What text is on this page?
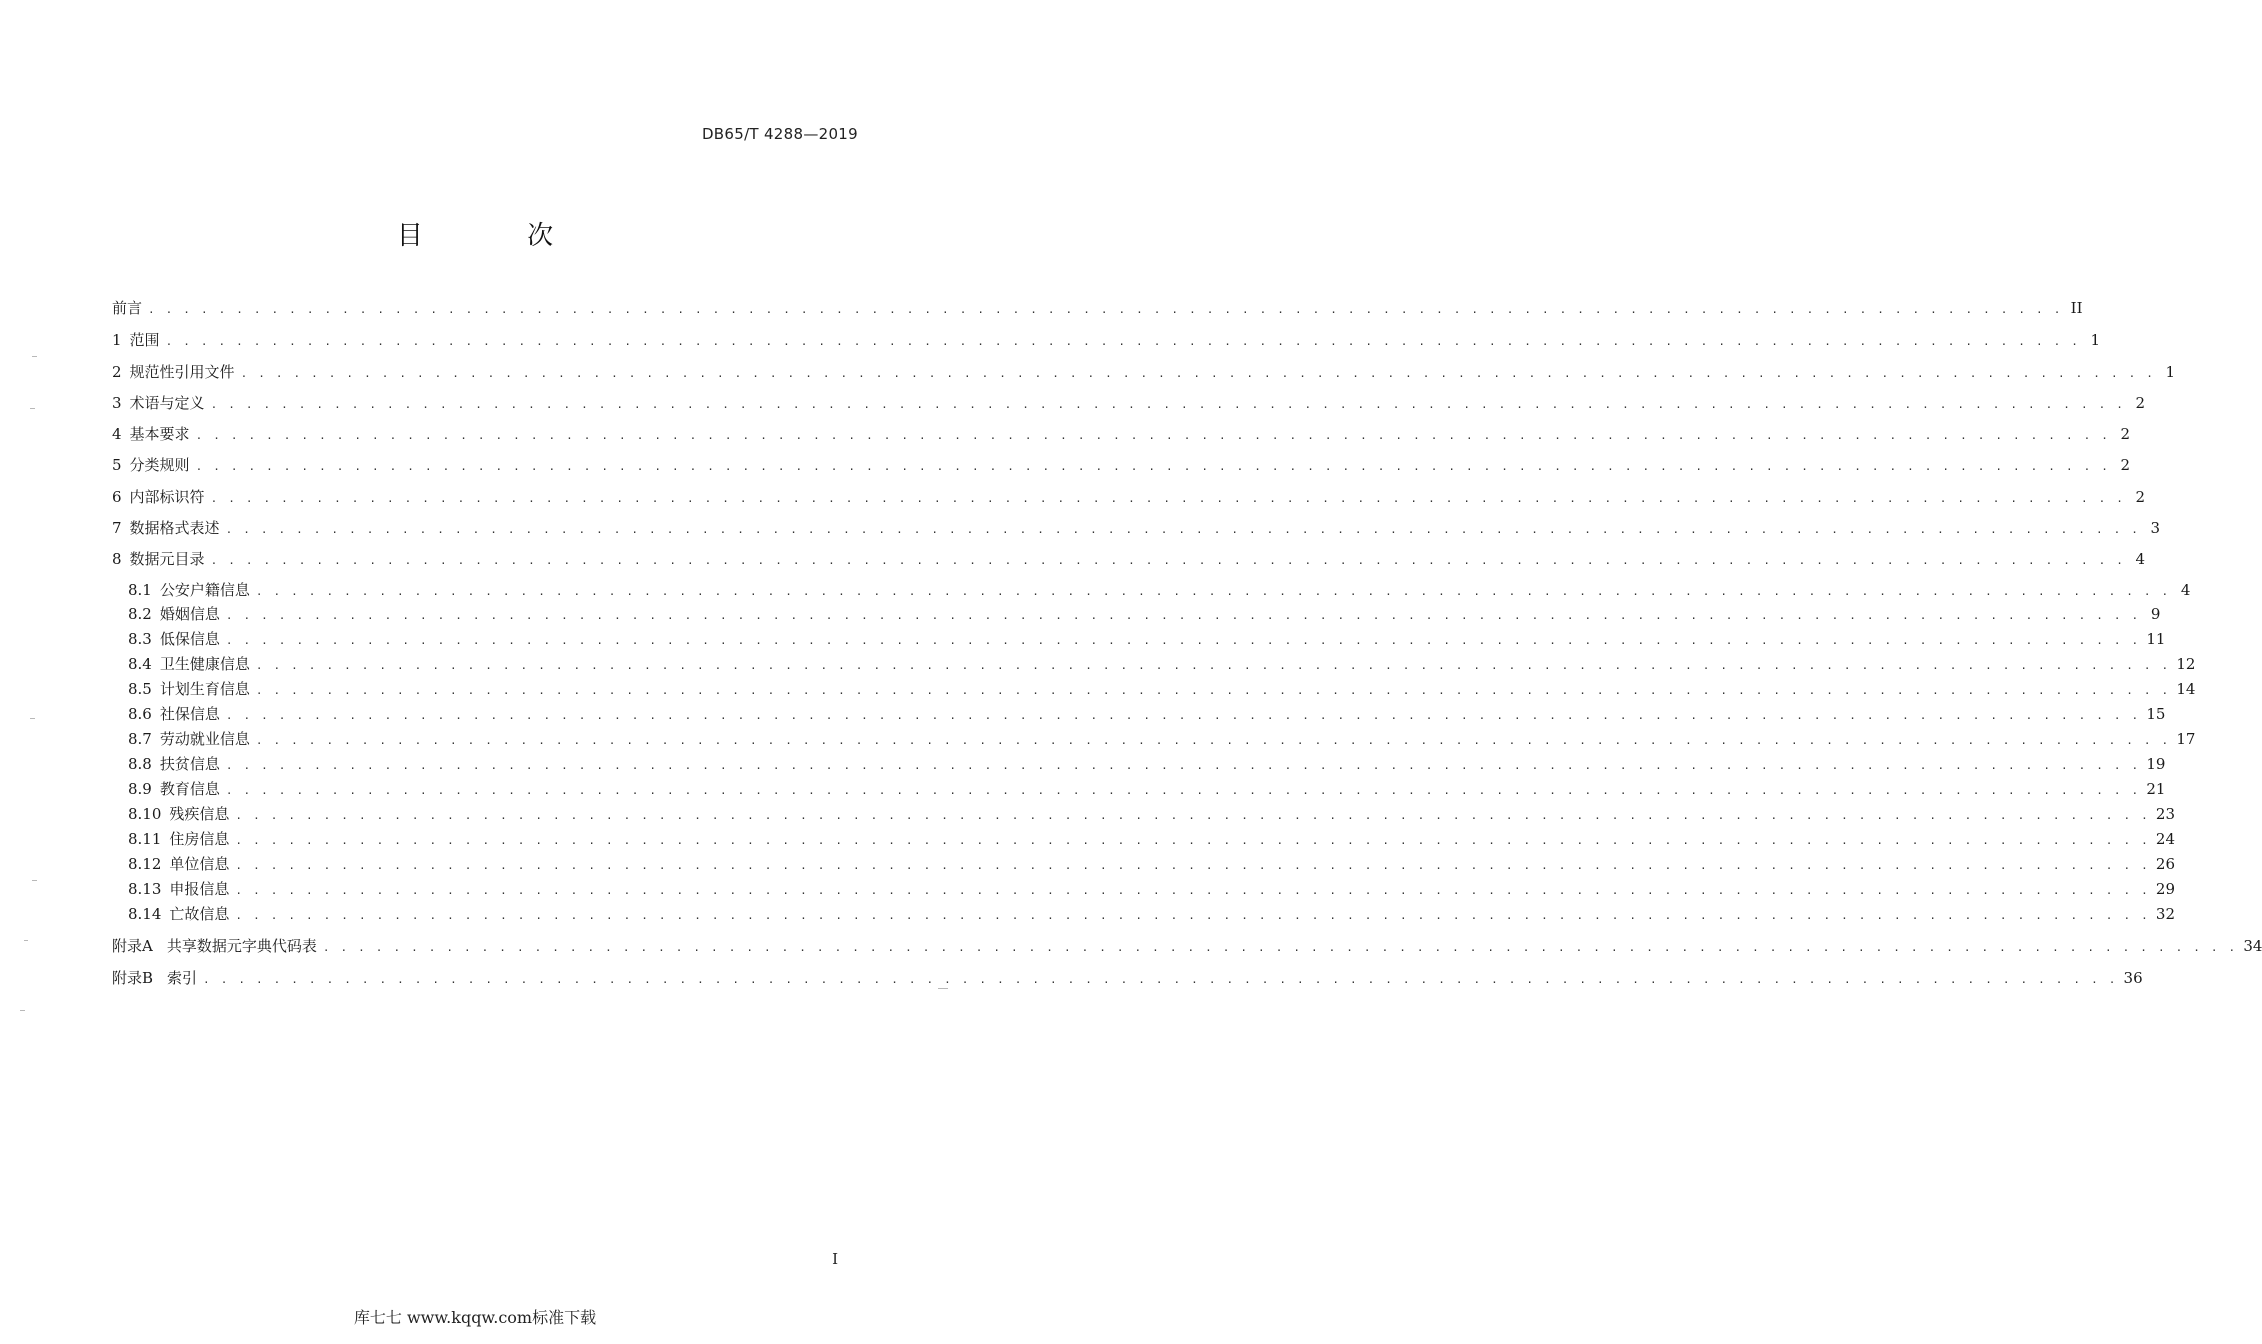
DB65/T 4288—2019
目 次
前言 . . . . . . . . . . . . . . . . . . . . . . . . . . . . . . . . . . . . . . . . . . . . . . . . . . . . . . . . . . . . . . . . . . . . . . . . . . . . . . . . . . . . . . . . . . . . . . . . . . . . . . . . . . . . . II
1 范围 . . . . . . . . . . . . . . . . . . . . . . . . . . . . . . . . . . . . . . . . . . . . . . . . . . . . . . . . . . . . . . . . . . . . . . . . . . . . . . . . . . . . . . . . . . . . . . . . . . . . . . . . . . . . . 1
2 规范性引用文件 . . . . . . . . . . . . . . . . . . . . . . . . . . . . . . . . . . . . . . . . . . . . . . . . . . . . . . . . . . . . . . . . . . . . . . . . . . . . . . . . . . . . . . . . . . . . . . . . . . . . . . . . . . . . . 1
3 术语与定义 . . . . . . . . . . . . . . . . . . . . . . . . . . . . . . . . . . . . . . . . . . . . . . . . . . . . . . . . . . . . . . . . . . . . . . . . . . . . . . . . . . . . . . . . . . . . . . . . . . . . . . . . . . . . . 2
4 基本要求 . . . . . . . . . . . . . . . . . . . . . . . . . . . . . . . . . . . . . . . . . . . . . . . . . . . . . . . . . . . . . . . . . . . . . . . . . . . . . . . . . . . . . . . . . . . . . . . . . . . . . . . . . . . . . 2
5 分类规则 . . . . . . . . . . . . . . . . . . . . . . . . . . . . . . . . . . . . . . . . . . . . . . . . . . . . . . . . . . . . . . . . . . . . . . . . . . . . . . . . . . . . . . . . . . . . . . . . . . . . . . . . . . . . . 2
6 内部标识符 . . . . . . . . . . . . . . . . . . . . . . . . . . . . . . . . . . . . . . . . . . . . . . . . . . . . . . . . . . . . . . . . . . . . . . . . . . . . . . . . . . . . . . . . . . . . . . . . . . . . . . . . . . . . . 2
7 数据格式表述 . . . . . . . . . . . . . . . . . . . . . . . . . . . . . . . . . . . . . . . . . . . . . . . . . . . . . . . . . . . . . . . . . . . . . . . . . . . . . . . . . . . . . . . . . . . . . . . . . . . . . . . . . . . . . 3
8 数据元目录 . . . . . . . . . . . . . . . . . . . . . . . . . . . . . . . . . . . . . . . . . . . . . . . . . . . . . . . . . . . . . . . . . . . . . . . . . . . . . . . . . . . . . . . . . . . . . . . . . . . . . . . . . . . . . 4
8.1 公安户籍信息 . . . . . . . . . . . . . . . . . . . . . . . . . . . . . . . . . . . . . . . . . . . . . . . . . . . . . . . . . . . . . . . . . . . . . . . . . . . . . . . . . . . . . . . . . . . . . . . . . . . . . . . . . . . . . 4
8.2 婚姻信息 . . . . . . . . . . . . . . . . . . . . . . . . . . . . . . . . . . . . . . . . . . . . . . . . . . . . . . . . . . . . . . . . . . . . . . . . . . . . . . . . . . . . . . . . . . . . . . . . . . . . . . . . . . . . . 9
8.3 低保信息 . . . . . . . . . . . . . . . . . . . . . . . . . . . . . . . . . . . . . . . . . . . . . . . . . . . . . . . . . . . . . . . . . . . . . . . . . . . . . . . . . . . . . . . . . . . . . . . . . . . . . . . . . . . . . 11
8.4 卫生健康信息 . . . . . . . . . . . . . . . . . . . . . . . . . . . . . . . . . . . . . . . . . . . . . . . . . . . . . . . . . . . . . . . . . . . . . . . . . . . . . . . . . . . . . . . . . . . . . . . . . . . . . . . . . . . . . 12
8.5 计划生育信息 . . . . . . . . . . . . . . . . . . . . . . . . . . . . . . . . . . . . . . . . . . . . . . . . . . . . . . . . . . . . . . . . . . . . . . . . . . . . . . . . . . . . . . . . . . . . . . . . . . . . . . . . . . . . . 14
8.6 社保信息 . . . . . . . . . . . . . . . . . . . . . . . . . . . . . . . . . . . . . . . . . . . . . . . . . . . . . . . . . . . . . . . . . . . . . . . . . . . . . . . . . . . . . . . . . . . . . . . . . . . . . . . . . . . . . 15
8.7 劳动就业信息 . . . . . . . . . . . . . . . . . . . . . . . . . . . . . . . . . . . . . . . . . . . . . . . . . . . . . . . . . . . . . . . . . . . . . . . . . . . . . . . . . . . . . . . . . . . . . . . . . . . . . . . . . . . . . 17
8.8 扶贫信息 . . . . . . . . . . . . . . . . . . . . . . . . . . . . . . . . . . . . . . . . . . . . . . . . . . . . . . . . . . . . . . . . . . . . . . . . . . . . . . . . . . . . . . . . . . . . . . . . . . . . . . . . . . . . . 19
8.9 教育信息 . . . . . . . . . . . . . . . . . . . . . . . . . . . . . . . . . . . . . . . . . . . . . . . . . . . . . . . . . . . . . . . . . . . . . . . . . . . . . . . . . . . . . . . . . . . . . . . . . . . . . . . . . . . . . 21
8.10 残疾信息 . . . . . . . . . . . . . . . . . . . . . . . . . . . . . . . . . . . . . . . . . . . . . . . . . . . . . . . . . . . . . . . . . . . . . . . . . . . . . . . . . . . . . . . . . . . . . . . . . . . . . . . . . . . . . 23
8.11 住房信息 . . . . . . . . . . . . . . . . . . . . . . . . . . . . . . . . . . . . . . . . . . . . . . . . . . . . . . . . . . . . . . . . . . . . . . . . . . . . . . . . . . . . . . . . . . . . . . . . . . . . . . . . . . . . . 24
8.12 单位信息 . . . . . . . . . . . . . . . . . . . . . . . . . . . . . . . . . . . . . . . . . . . . . . . . . . . . . . . . . . . . . . . . . . . . . . . . . . . . . . . . . . . . . . . . . . . . . . . . . . . . . . . . . . . . . 26
8.13 申报信息 . . . . . . . . . . . . . . . . . . . . . . . . . . . . . . . . . . . . . . . . . . . . . . . . . . . . . . . . . . . . . . . . . . . . . . . . . . . . . . . . . . . . . . . . . . . . . . . . . . . . . . . . . . . . . 29
8.14 亡故信息 . . . . . . . . . . . . . . . . . . . . . . . . . . . . . . . . . . . . . . . . . . . . . . . . . . . . . . . . . . . . . . . . . . . . . . . . . . . . . . . . . . . . . . . . . . . . . . . . . . . . . . . . . . . . . 32
附录A 共享数据元字典代码表 . . . . . . . . . . . . . . . . . . . . . . . . . . . . . . . . . . . . . . . . . . . . . . . . . . . . . . . . . . . . . . . . . . . . . . . . . . . . . . . . . . . . . . . . . . . . . . . . . . . . . . . . . . . . . 34
附录B 索引 . . . . . . . . . . . . . . . . . . . . . . . . . . . . . . . . . . . . . . . . . . . . . . . . . . . . . . . . . . . . . . . . . . . . . . . . . . . . . . . . . . . . . . . . . . . . . . . . . . . . . . . . . . . . . 36
I
库七七 www.kqqw.com标准下载
